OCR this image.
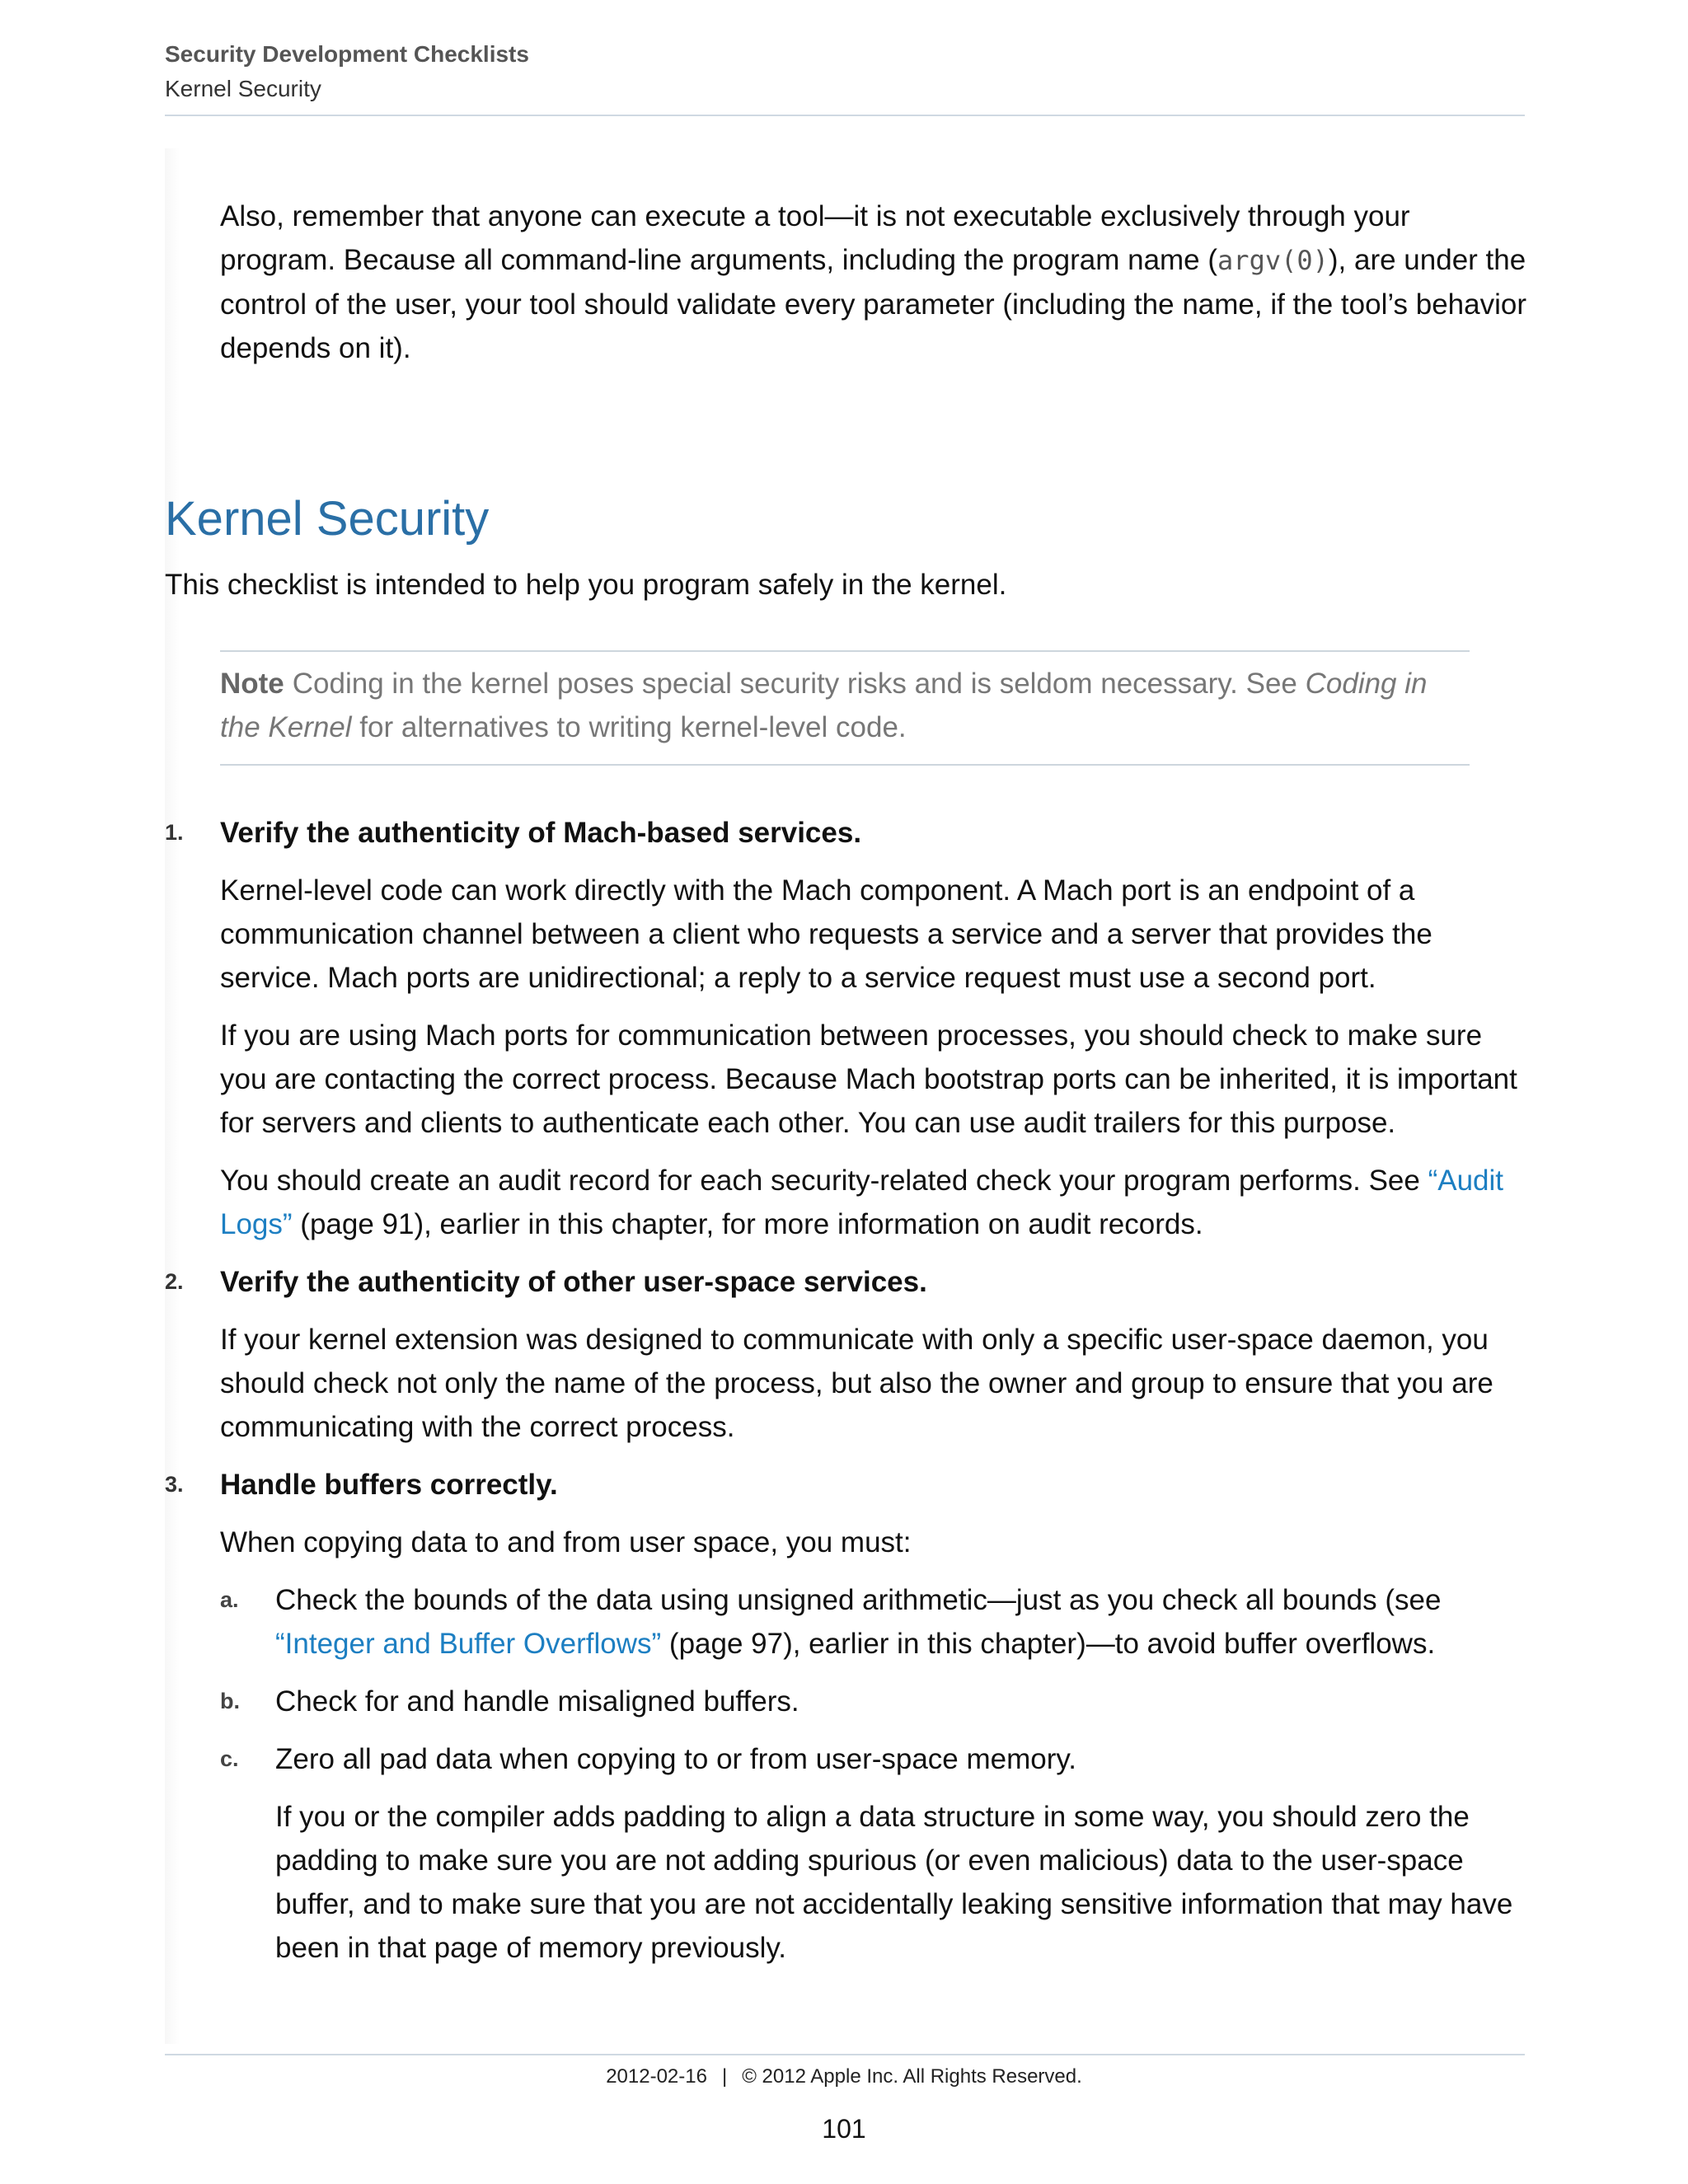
Security Development Checklists
Kernel Security
Also, remember that anyone can execute a tool—it is not executable exclusively through your program. Because all command-line arguments, including the program name (argv(0)), are under the control of the user, your tool should validate every parameter (including the name, if the tool’s behavior depends on it).
Kernel Security
This checklist is intended to help you program safely in the kernel.
Note Coding in the kernel poses special security risks and is seldom necessary. See Coding in the Kernel for alternatives to writing kernel-level code.
1. Verify the authenticity of Mach-based services.

Kernel-level code can work directly with the Mach component. A Mach port is an endpoint of a communication channel between a client who requests a service and a server that provides the service. Mach ports are unidirectional; a reply to a service request must use a second port.

If you are using Mach ports for communication between processes, you should check to make sure you are contacting the correct process. Because Mach bootstrap ports can be inherited, it is important for servers and clients to authenticate each other. You can use audit trailers for this purpose.

You should create an audit record for each security-related check your program performs. See “Audit Logs” (page 91), earlier in this chapter, for more information on audit records.

2. Verify the authenticity of other user-space services.

If your kernel extension was designed to communicate with only a specific user-space daemon, you should check not only the name of the process, but also the owner and group to ensure that you are communicating with the correct process.

3. Handle buffers correctly.

When copying data to and from user space, you must:

a. Check the bounds of the data using unsigned arithmetic—just as you check all bounds (see “Integer and Buffer Overflows” (page 97), earlier in this chapter)—to avoid buffer overflows.
b. Check for and handle misaligned buffers.
c. Zero all pad data when copying to or from user-space memory.
If you or the compiler adds padding to align a data structure in some way, you should zero the padding to make sure you are not adding spurious (or even malicious) data to the user-space buffer, and to make sure that you are not accidentally leaking sensitive information that may have been in that page of memory previously.
2012-02-16 | © 2012 Apple Inc. All Rights Reserved.
101
